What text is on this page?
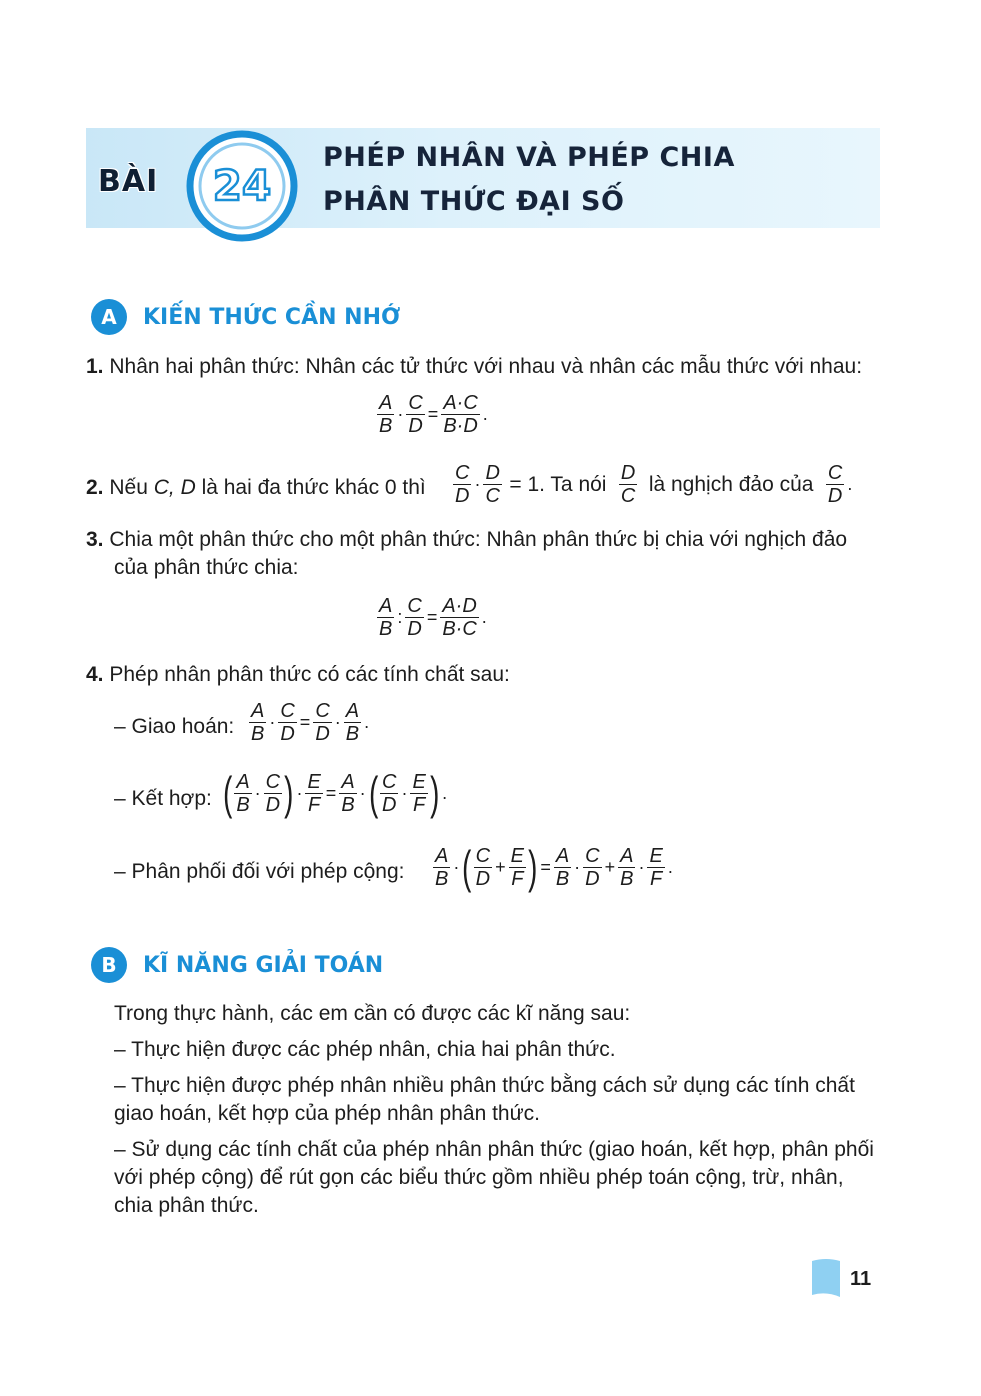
BÀI 24
PHÉP NHÂN VÀ PHÉP CHIA
PHÂN THỨC ĐẠI SỐ
A KIẾN THỨC CẦN NHỚ
1. Nhân hai phân thức: Nhân các tử thức với nhau và nhân các mẫu thức với nhau:
$\frac{A}{B} \cdot \frac{C}{D} = \frac{A\cdot C}{B\cdot D}$ .
2. Nếu C, D là hai đa thức khác 0 thì $\frac{C}{D} \cdot \frac{D}{C} = 1$. Ta nói $\frac{D}{C}$ là nghịch đảo của $\frac{C}{D}$ .
3. Chia một phân thức cho một phân thức: Nhân phân thức bị chia với nghịch đảo
của phân thức chia:
$\frac{A}{B}$ : $\frac{C}{D} = \frac{A\cdot D}{B\cdot C}$ .
4. Phép nhân phân thức có các tính chất sau:
– Giao hoán: $\frac{A}{B} \cdot \frac{C}{D} = \frac{C}{D} \cdot \frac{A}{B}$ .
– Kết hợp: ( $\frac{A}{B} \cdot \frac{C}{D}$ ) · $\frac{E}{F} = \frac{A}{B}$ ·( $\frac{C}{D} \cdot \frac{E}{F}$ ) .
– Phân phối đối với phép cộng: $\frac{A}{B}$ ·( $\frac{C}{D} + \frac{E}{F}$ ) = $\frac{A}{B} \cdot \frac{C}{D} + \frac{A}{B} \cdot \frac{E}{F}$ .
B KĨ NĂNG GIẢI TOÁN
Trong thực hành, các em cần có được các kĩ năng sau:
– Thực hiện được các phép nhân, chia hai phân thức.
– Thực hiện được phép nhân nhiều phân thức bằng cách sử dụng các tính chất
giao hoán, kết hợp của phép nhân phân thức.
– Sử dụng các tính chất của phép nhân phân thức (giao hoán, kết hợp, phân phối
với phép cộng) để rút gọn các biểu thức gồm nhiều phép toán cộng, trừ, nhân,
chia phân thức.
11
